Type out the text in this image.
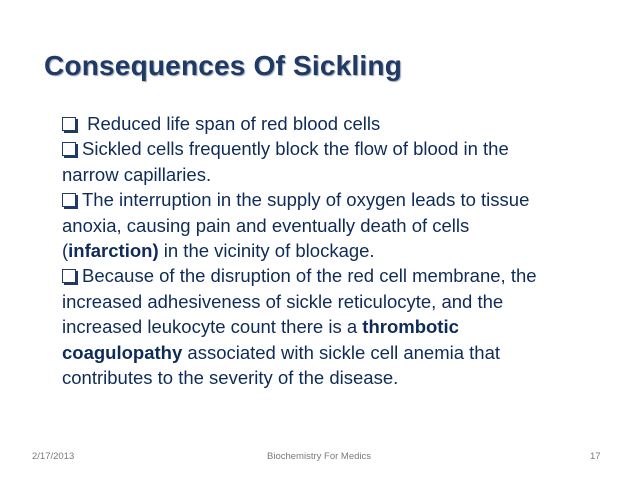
Consequences Of Sickling

Reduced life span of red blood cells

Sickled cells frequently block the flow of blood in the narrow capillaries.

The interruption in the supply of oxygen leads to tissue anoxia, causing pain and eventually death of cells (infarction) in the vicinity of blockage.

Because of the disruption of the red cell membrane, the increased adhesiveness of sickle reticulocyte, and the increased leukocyte count there is a thrombotic coagulopathy associated with sickle cell anemia that contributes to the severity of the disease.

2/17/2013	Biochemistry For Medics	17
